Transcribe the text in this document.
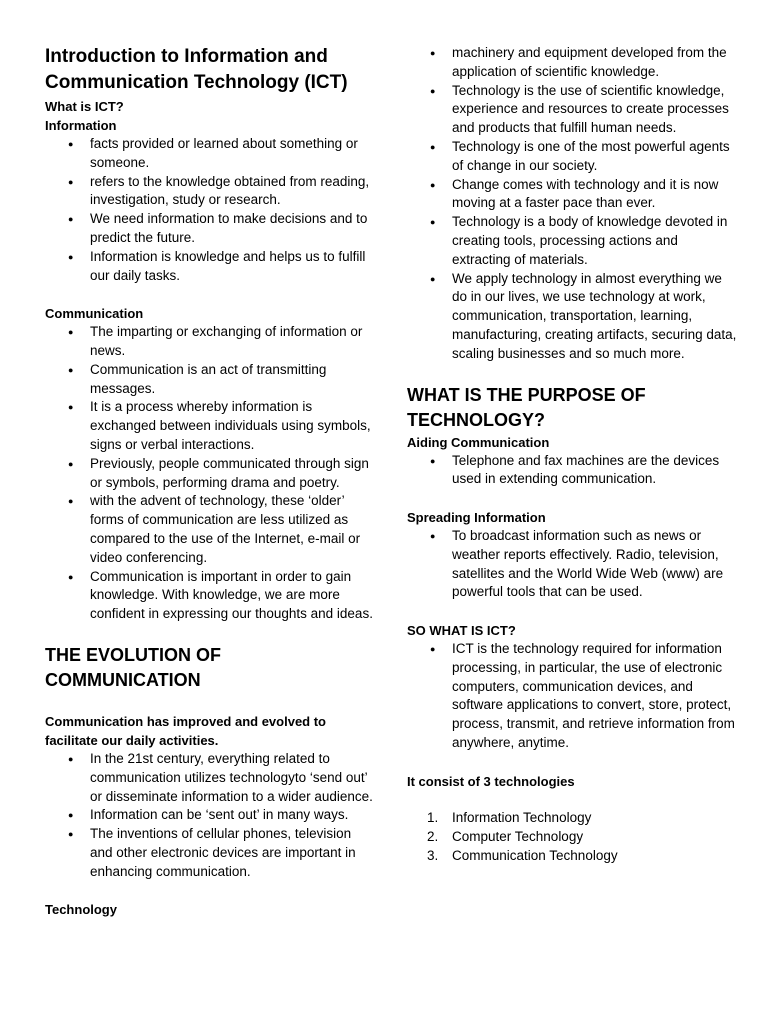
Introduction to Information and Communication Technology (ICT)
What is ICT?
Information
● facts provided or learned about something or someone.
● refers to the knowledge obtained from reading, investigation, study or research.
● We need information to make decisions and to predict the future.
● Information is knowledge and helps us to fulfill our daily tasks.
Communication
● The imparting or exchanging of information or news.
● Communication is an act of transmitting messages.
● It is a process whereby information is exchanged between individuals using symbols, signs or verbal interactions.
● Previously, people communicated through sign or symbols, performing drama and poetry.
● with the advent of technology, these ‘older’ forms of communication are less utilized as compared to the use of the Internet, e-mail or video conferencing.
● Communication is important in order to gain knowledge. With knowledge, we are more confident in expressing our thoughts and ideas.
THE EVOLUTION OF COMMUNICATION
Communication has improved and evolved to facilitate our daily activities.
● In the 21st century, everything related to communication utilizes technologyto ‘send out’ or disseminate information to a wider audience.
● Information can be ‘sent out’ in many ways.
● The inventions of cellular phones, television and other electronic devices are important in enhancing communication.
Technology
● machinery and equipment developed from the application of scientific knowledge.
● Technology is the use of scientific knowledge, experience and resources to create processes and products that fulfill human needs.
● Technology is one of the most powerful agents of change in our society.
● Change comes with technology and it is now moving at a faster pace than ever.
● Technology is a body of knowledge devoted in creating tools, processing actions and extracting of materials.
● We apply technology in almost everything we do in our lives, we use technology at work, communication, transportation, learning, manufacturing, creating artifacts, securing data, scaling businesses and so much more.
WHAT IS THE PURPOSE OF TECHNOLOGY?
Aiding Communication
● Telephone and fax machines are the devices used in extending communication.
Spreading Information
● To broadcast information such as news or weather reports effectively. Radio, television, satellites and the World Wide Web (www) are powerful tools that can be used.
SO WHAT IS ICT?
● ICT is the technology required for information processing, in particular, the use of electronic computers, communication devices, and software applications to convert, store, protect, process, transmit, and retrieve information from anywhere, anytime.
It consist of 3 technologies
1. Information Technology
2. Computer Technology
3. Communication Technology
